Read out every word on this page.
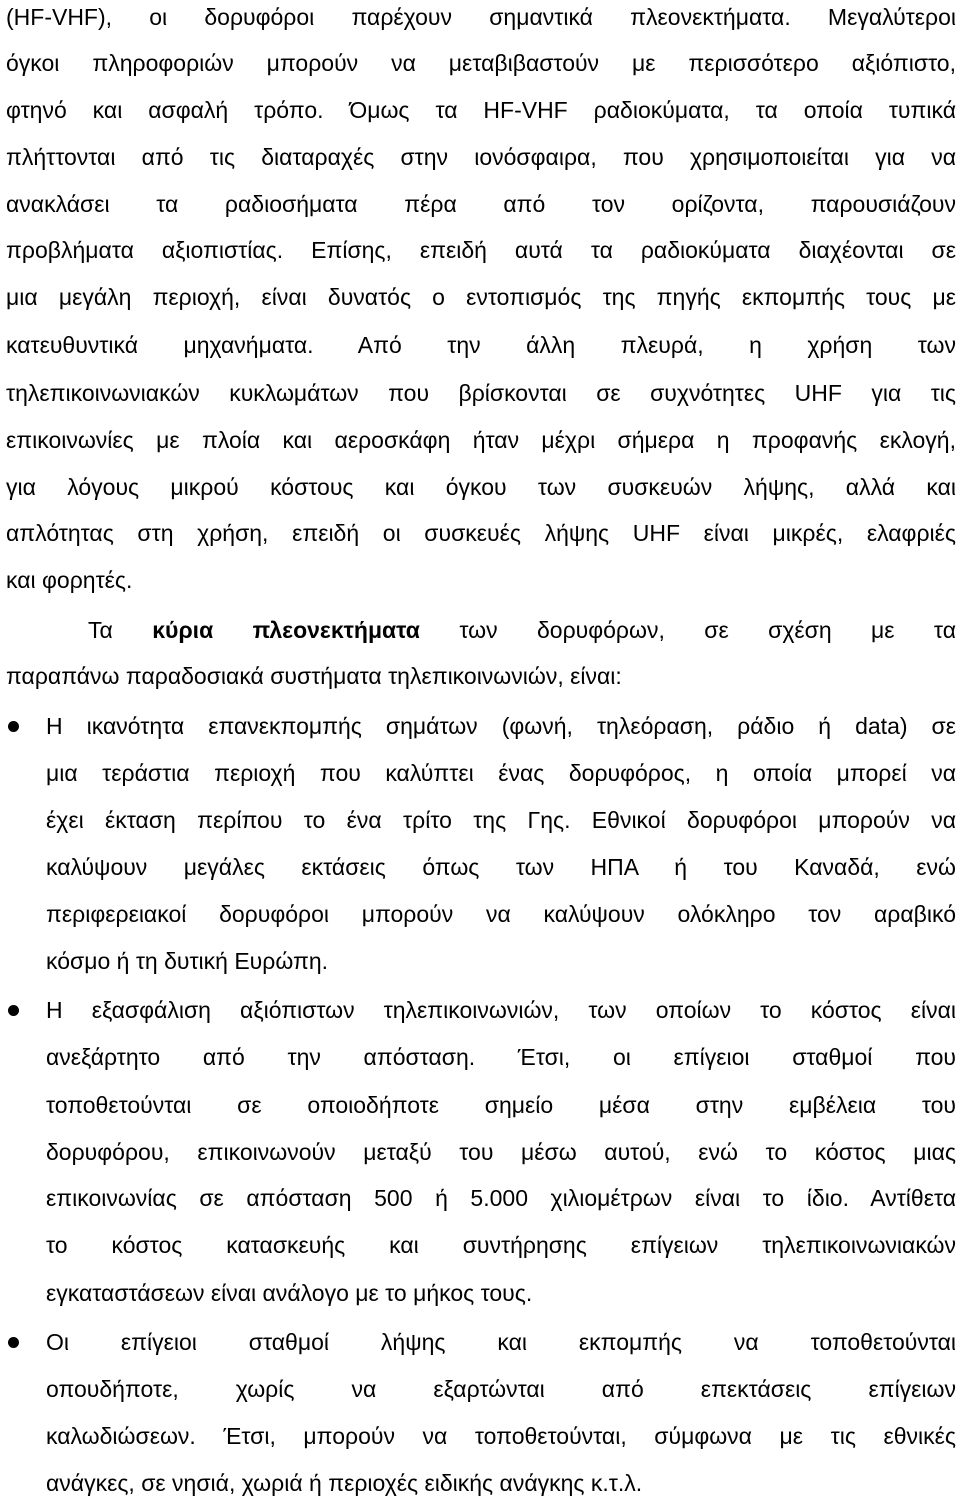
(HF-VHF), οι δορυφόροι παρέχουν σημαντικά πλεονεκτήματα. Μεγαλύτεροι
όγκοι πληροφοριών μπορούν να μεταβιβαστούν με περισσότερο αξιόπιστο,
φτηνό και ασφαλή τρόπο. Όμως τα HF-VHF ραδιοκύματα, τα οποία τυπικά
πλήττονται από τις διαταραχές στην ιονόσφαιρα, που χρησιμοποιείται για να
ανακλάσει τα ραδιοσήματα πέρα από τον ορίζοντα, παρουσιάζουν
προβλήματα αξιοπιστίας. Επίσης, επειδή αυτά τα ραδιοκύματα διαχέονται σε
μια μεγάλη περιοχή, είναι δυνατός ο εντοπισμός της πηγής εκπομπής τους με
κατευθυντικά μηχανήματα. Από την άλλη πλευρά, η χρήση των
τηλεπικοινωνιακών κυκλωμάτων που βρίσκονται σε συχνότητες UHF για τις
επικοινωνίες με πλοία και αεροσκάφη ήταν μέχρι σήμερα η προφανής εκλογή,
για λόγους μικρού κόστους και όγκου των συσκευών λήψης, αλλά και
απλότητας στη χρήση, επειδή οι συσκευές λήψης UHF είναι μικρές, ελαφριές
και φορητές.
Τα κύρια πλεονεκτήματα των δορυφόρων, σε σχέση με τα
παραπάνω παραδοσιακά συστήματα τηλεπικοινωνιών, είναι:
Η ικανότητα επανεκπομπής σημάτων (φωνή, τηλεόραση, ράδιο ή data) σε
μια τεράστια περιοχή που καλύπτει ένας δορυφόρος, η οποία μπορεί να
έχει έκταση περίπου το ένα τρίτο της Γης. Εθνικοί δορυφόροι μπορούν να
καλύψουν μεγάλες εκτάσεις όπως των ΗΠΑ ή του Καναδά, ενώ
περιφερειακοί δορυφόροι μπορούν να καλύψουν ολόκληρο τον αραβικό
κόσμο ή τη δυτική Ευρώπη.
Η εξασφάλιση αξιόπιστων τηλεπικοινωνιών, των οποίων το κόστος είναι
ανεξάρτητο από την απόσταση. Έτσι, οι επίγειοι σταθμοί που
τοποθετούνται σε οποιοδήποτε σημείο μέσα στην εμβέλεια του
δορυφόρου, επικοινωνούν μεταξύ του μέσω αυτού, ενώ το κόστος μιας
επικοινωνίας σε απόσταση 500 ή 5.000 χιλιομέτρων είναι το ίδιο. Αντίθετα
το κόστος κατασκευής και συντήρησης επίγειων τηλεπικοινωνιακών
εγκαταστάσεων είναι ανάλογο με το μήκος τους.
Οι επίγειοι σταθμοί λήψης και εκπομπής να τοποθετούνται
οπουδήποτε, χωρίς να εξαρτώνται από επεκτάσεις επίγειων
καλωδιώσεων. Έτσι, μπορούν να τοποθετούνται, σύμφωνα με τις εθνικές
ανάγκες, σε νησιά, χωριά ή περιοχές ειδικής ανάγκης κ.τ.λ.
